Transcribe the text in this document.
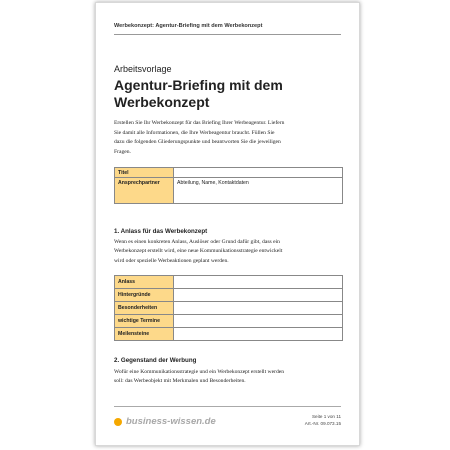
Werbekonzept: Agentur-Briefing mit dem Werbekonzept
Arbeitsvorlage
Agentur-Briefing mit dem
Werbekonzept
Erstellen Sie Ihr Werbekonzept für das Briefing Ihrer Werbeagentur. Liefern
Sie damit alle Informationen, die Ihre Werbeagentur braucht. Füllen Sie
dazu die folgenden Gliederungspunkte und beantworten Sie die jeweiligen
Fragen.
Titel	
Ansprechpartner	Abteilung, Name, Kontaktdaten
1. Anlass für das Werbekonzept
Wenn es einen konkreten Anlass, Auslöser oder Grund dafür gibt, dass ein
Werbekonzept erstellt wird, eine neue Kommunikationsstrategie entwickelt
wird oder spezielle Werbeaktionen geplant werden.
Anlass	
Hintergründe	
Besonderheiten	
wichtige Termine	
Meilensteine	
2. Gegenstand der Werbung
Wofür eine Kommunikationsstrategie und ein Werbekonzept erstellt werden
soll: das Werbeobjekt mit Merkmalen und Besonderheiten.
business-wissen.de	Seite 1 von 11
Art.-Nr. 09.073.15
